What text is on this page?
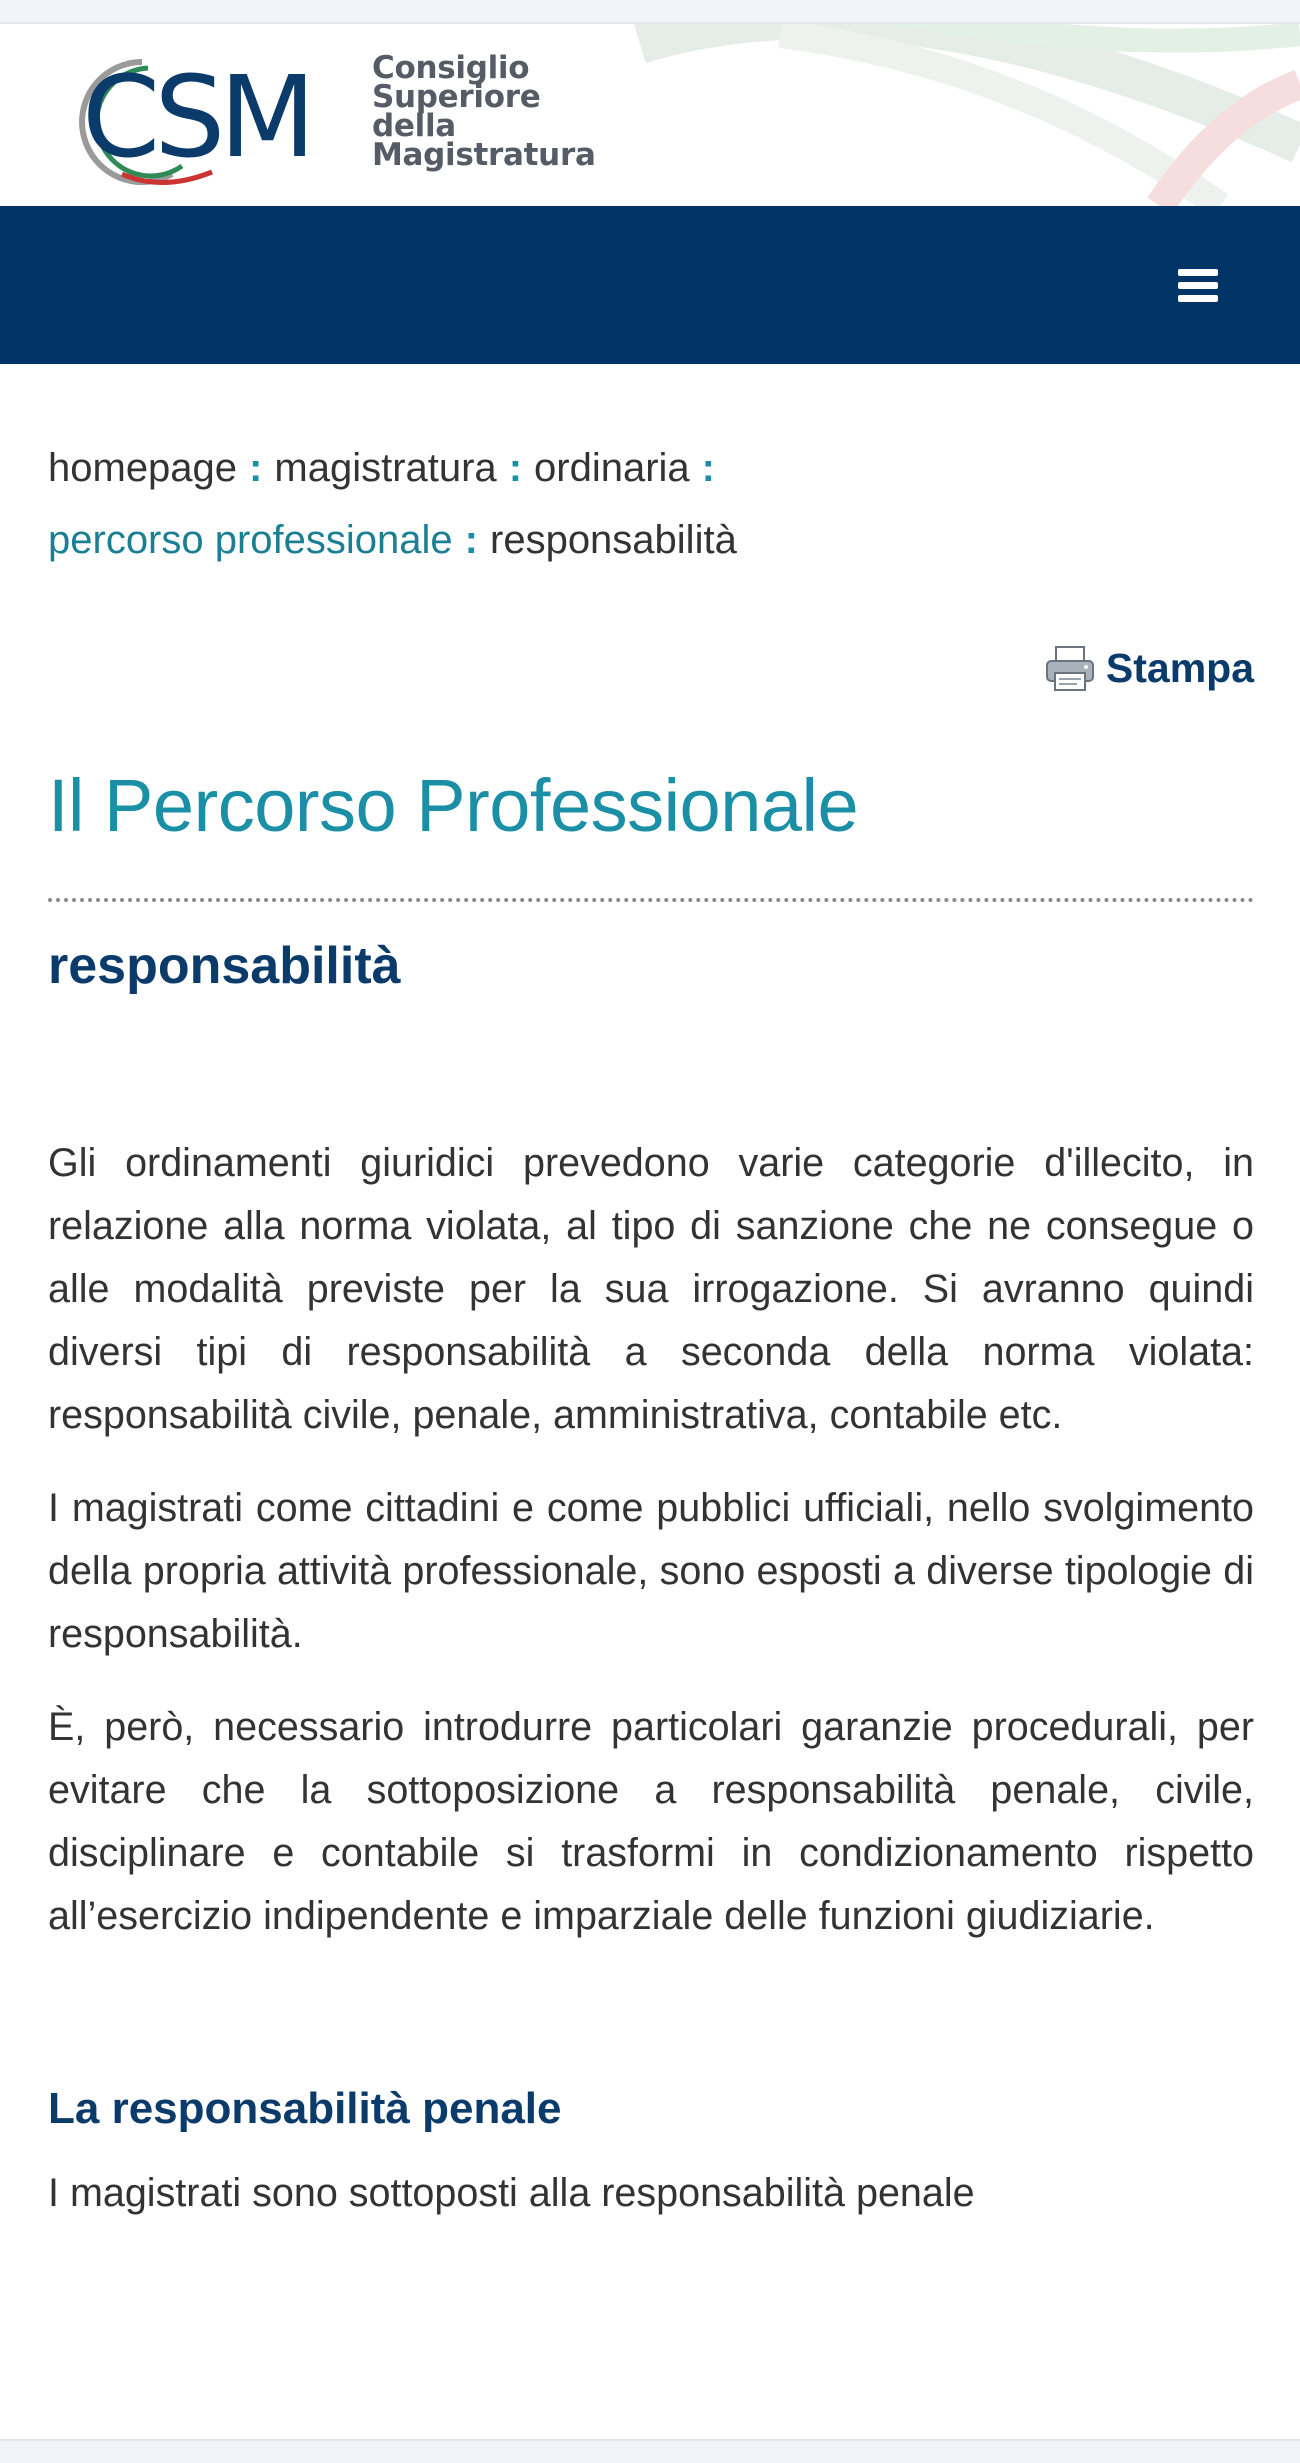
CSM Consiglio
Superiore
della Magistratura
homepage : magistratura : ordinaria :
percorso professionale : responsabilità
Stampa
Il Percorso Professionale
responsabilità

Gli ordinamenti giuridici prevedono varie categorie d'illecito, in relazione alla norma violata, al tipo di sanzione che ne consegue o alle modalità previste per la sua irrogazione. Si avranno quindi diversi tipi di responsabilità a seconda della norma violata: responsabilità civile, penale, amministrativa, contabile etc.

I magistrati come cittadini e come pubblici ufficiali, nello svolgimento della propria attività professionale, sono esposti a diverse tipologie di responsabilità.

È, però, necessario introdurre particolari garanzie procedurali, per evitare che la sottoposizione a responsabilità penale, civile, disciplinare e contabile si trasformi in condizionamento rispetto all’esercizio indipendente e imparziale delle funzioni giudiziarie.

La responsabilità penale

I magistrati sono sottoposti alla responsabilità penale
